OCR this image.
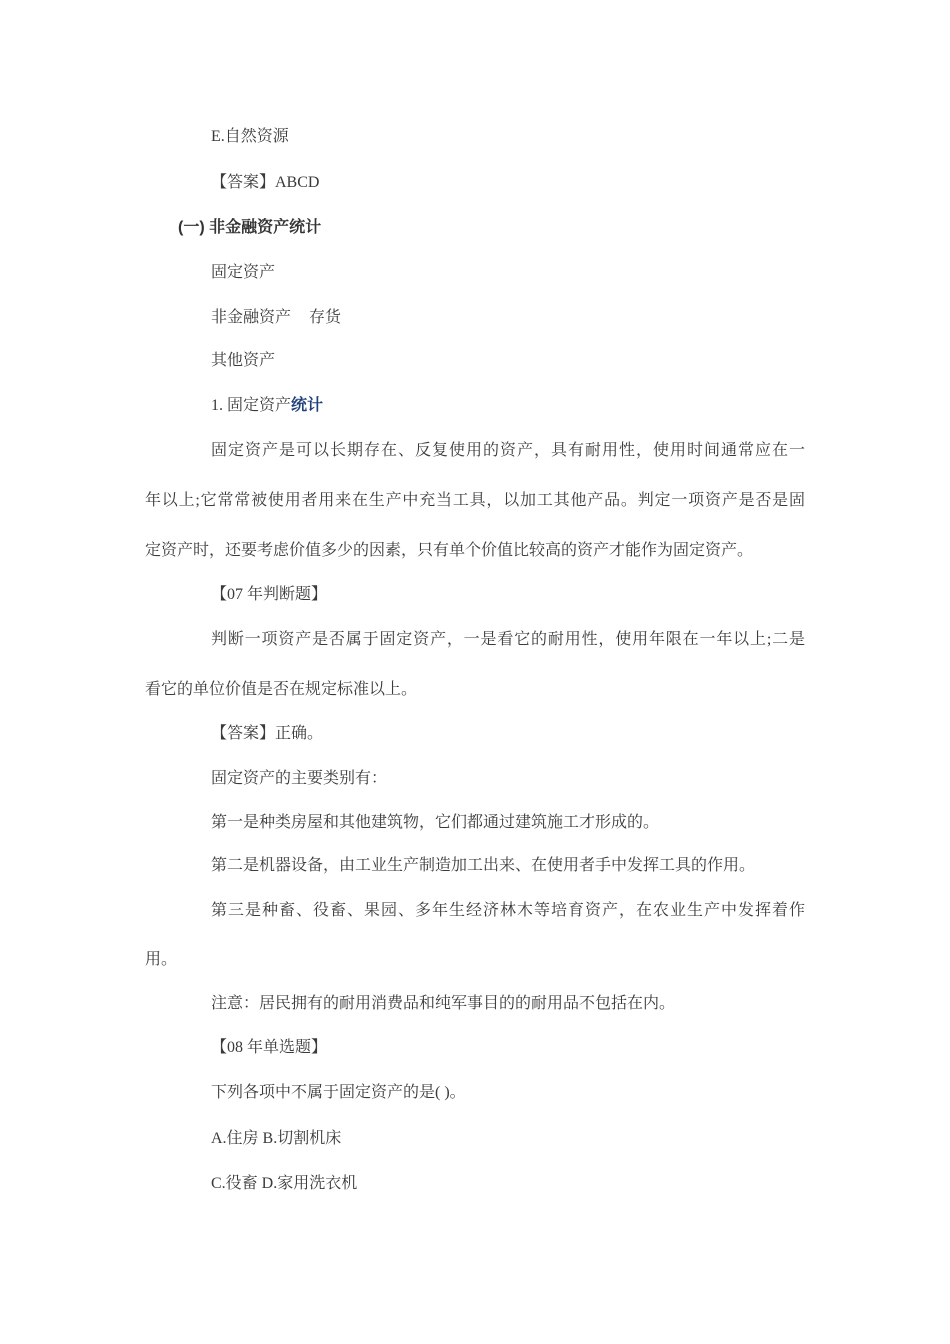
E.自然资源
【答案】ABCD
(一) 非金融资产统计
固定资产
非金融资产 存货
其他资产
1. 固定资产统计
固定资产是可以长期存在、反复使用的资产，具有耐用性，使用时间通常应在一
年以上;它常常被使用者用来在生产中充当工具，以加工其他产品。判定一项资产是否是固
定资产时，还要考虑价值多少的因素，只有单个价值比较高的资产才能作为固定资产。
【07 年判断题】
判断一项资产是否属于固定资产，一是看它的耐用性，使用年限在一年以上;二是
看它的单位价值是否在规定标准以上。
【答案】正确。
固定资产的主要类别有：
第一是种类房屋和其他建筑物，它们都通过建筑施工才形成的。
第二是机器设备，由工业生产制造加工出来、在使用者手中发挥工具的作用。
第三是种畜、役畜、果园、多年生经济林木等培育资产，在农业生产中发挥着作
用。
注意：居民拥有的耐用消费品和纯军事目的的耐用品不包括在内。
【08 年单选题】
下列各项中不属于固定资产的是( )。
A.住房 B.切割机床
C.役畜 D.家用洗衣机
